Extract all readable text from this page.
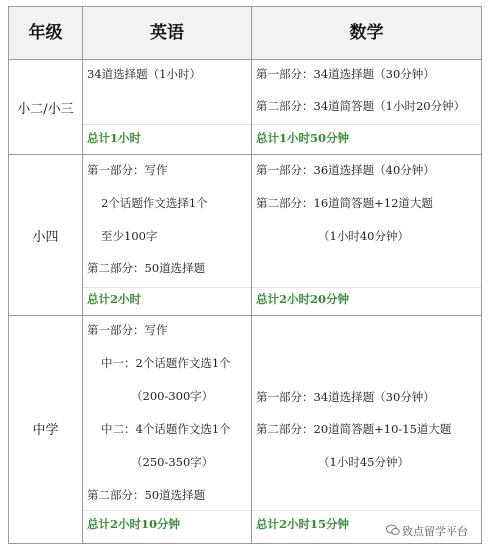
年级	英语	数学
小二/小三
34道选择题（1小时）
总计1小时
第一部分：34道选择题（30分钟）
第二部分：34道简答题（1小时20分钟）
总计1小时50分钟
小四
第一部分：写作
2个话题作文选择1个
至少100字
第二部分：50道选择题
总计2小时
第一部分：36道选择题（40分钟）
第二部分：16道简答题+12道大题
（1小时40分钟）
总计2小时20分钟
中学
第一部分：写作
中一：2个话题作文选1个
（200-300字）
中二：4个话题作文选1个
（250-350字）
第二部分：50道选择题
总计2小时10分钟
第一部分：34道选择题（30分钟）
第二部分：20道简答题+10-15道大题
（1小时45分钟）
总计2小时15分钟
致点留学平台
